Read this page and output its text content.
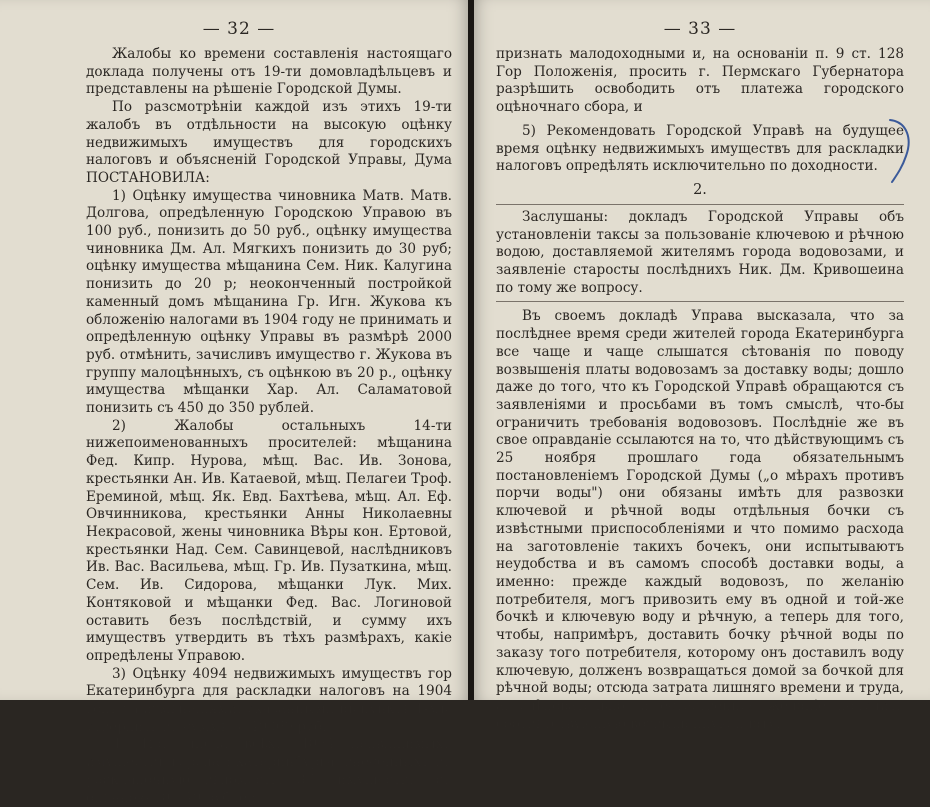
— 32 —

Жалобы ко времени составленія настоящаго доклада получены отъ 19-ти домовладѣльцевъ и представлены на рѣшеніе Городской Думы.

По разсмотрѣніи каждой изъ этихъ 19-ти жалобъ въ отдѣльности на высокую оцѣнку недвижимыхъ имуществъ для городскихъ налоговъ и объясненій Городской Управы, Дума ПОСТАНОВИЛА:

1) Оцѣнку имущества чиновника Матв. Матв. Долгова, опредѣленную Городскою Управою въ 100 руб., понизить до 50 руб., оцѣнку имущества чиновника Дм. Ал. Мягкихъ понизить до 30 руб; оцѣнку имущества мѣщанина Сем. Ник. Калугина понизить до 20 р; неоконченный постройкой каменный домъ мѣщанина Гр. Игн. Жукова къ обложенію налогами въ 1904 году не принимать и опредѣленную оцѣнку Управы въ размѣрѣ 2000 руб. отмѣнить, зачисливъ имущество г. Жукова въ группу малоцѣнныхъ, съ оцѣнкою въ 20 р., оцѣнку имущества мѣщанки Хар. Ал. Саламатовой понизить съ 450 до 350 рублей.

2) Жалобы остальныхъ 14-ти нижепоименованныхъ просителей: мѣщанина Фед. Кипр. Нурова, мѣщ. Вас. Ив. Зонова, крестьянки Ан. Ив. Катаевой, мѣщ. Пелагеи Троф. Ереминой, мѣщ. Як. Евд. Бахтѣева, мѣщ. Ал. Еф. Овчинникова, крестьянки Анны Николаевны Некрасовой, жены чиновника Вѣры кон. Ертовой, крестьянки Над. Сем. Савинцевой, наслѣдниковъ Ив. Вас. Васильева, мѣщ. Гр. Ив. Пузаткина, мѣщ. Сем. Ив. Сидорова, мѣщанки Лук. Мих. Контяковой и мѣщанки Фед. Вас. Логиновой оставить безъ послѣдствій, и сумму ихъ имуществъ утвердить въ тѣхъ размѣрахъ, какіе опредѣлены Управою.

3) Оцѣнку 4094 недвижимыхъ имуществъ гор Екатеринбурга для раскладки налоговъ на 1904 годъ за измѣненіями, указанными въ пунктѣ 1-мъ, утвердить въ суммѣ 3740060 руб.

4) Изъ числа всѣхъ 4094 недвижимыхъ имуществъ города Екатеринбурга, внесенныхъ въ раскладочную вѣдомость, 377 имуществъ, съ оцѣнкою 10—40 рублей,

— 33 —

признать малодоходными и, на основаніи п. 9 ст. 128 Гор Положенія, просить г. Пермскаго Губернатора разрѣшить освободить отъ платежа городского оцѣночнаго сбора, и

5) Рекомендовать Городской Управѣ на будущее время оцѣнку недвижимыхъ имуществъ для раскладки налоговъ опредѣлять исключительно по доходности.

2.

Заслушаны: докладъ Городской Управы объ установленіи таксы за пользованіе ключевою и рѣчною водою, доставляемой жителямъ города водовозами, и заявленіе старосты послѣднихъ Ник. Дм. Кривошеина по тому же вопросу.

Въ своемъ докладѣ Управа высказала, что за послѣднее время среди жителей города Екатеринбурга все чаще и чаще слышатся сѣтованія по поводу возвышенія платы водовозамъ за доставку воды; дошло даже до того, что къ Городской Управѣ обращаются съ заявленіями и просьбами въ томъ смыслѣ, что-бы ограничить требованія водовозовъ. Послѣдніе же въ свое оправданіе ссылаются на то, что дѣйствующимъ съ 25 ноября прошлаго года обязательнымъ постановленіемъ Городской Думы („о мѣрахъ противъ порчи воды") они обязаны имѣть для развозки ключевой и рѣчной воды отдѣльныя бочки съ извѣстными приспособленіями и что помимо расхода на заготовленіе такихъ бочекъ, они испытываютъ неудобства и въ самомъ способѣ доставки воды, а именно: прежде каждый водовозъ, по желанію потребителя, могъ привозить ему въ одной и той-же бочкѣ и ключевую воду и рѣчную, а теперь для того, чтобы, напримѣръ, доставить бочку рѣчной воды по заказу того потребителя, которому онъ доставилъ воду ключевую, долженъ возвращаться домой за бочкой для рѣчной воды; отсюда затрата лишняго времени и труда, а, слѣдовательно, и естественное желаніе получить соотвѣтствующую возвышенную плату.
